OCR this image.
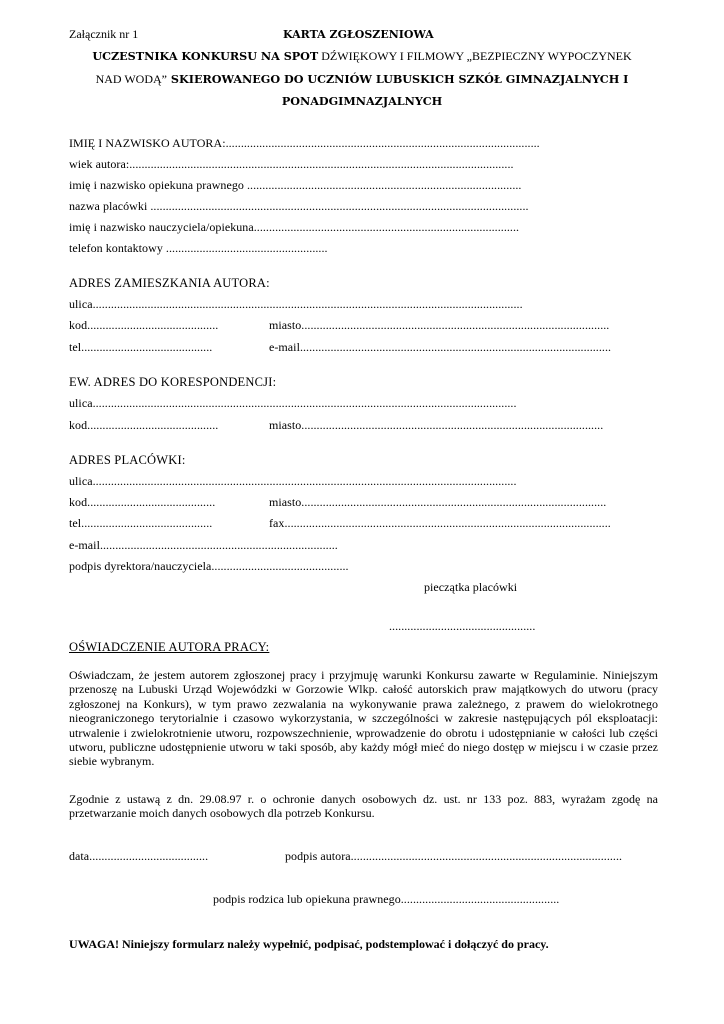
Załącznik nr 1	KARTA ZGŁOSZENIOWA
UCZESTNIKA KONKURSU NA SPOT DŹWIĘKOWY I FILMOWY „BEZPIECZNY WYPOCZYNEK
NAD WODĄ” SKIEROWANEGO DO UCZNIÓW LUBUSKICH SZKÓŁ GIMNAZJALNYCH I
PONADGIMNAZJALNYCH
IMIĘ I NAZWISKO AUTORA:.......................................................................................................
wiek autora:..............................................................................................................................
imię i nazwisko opiekuna prawnego ..........................................................................................
nazwa placówki ............................................................................................................................
imię i nazwisko nauczyciela/opiekuna.......................................................................................
telefon kontaktowy .....................................................
ADRES ZAMIESZKANIA AUTORA:
ulica.............................................................................................................................................
kod...........................................	miasto.....................................................................................................
tel...........................................	e-mail......................................................................................................
EW. ADRES DO KORESPONDENCJI:
ulica...........................................................................................................................................
kod...........................................	miasto...................................................................................................
ADRES PLACÓWKI:
ulica...........................................................................................................................................
kod..........................................	miasto....................................................................................................
tel...........................................	fax...........................................................................................................
e-mail..............................................................................
podpis dyrektora/nauczyciela.............................................
pieczątka placówki
................................................
OŚWIADCZENIE AUTORA PRACY:
Oświadczam, że jestem autorem zgłoszonej pracy i przyjmuję warunki Konkursu zawarte w Regulaminie. Niniejszym przenoszę na Lubuski Urząd Wojewódzki w Gorzowie Wlkp. całość autorskich praw majątkowych do utworu (pracy zgłoszonej na Konkurs), w tym prawo zezwalania na wykonywanie prawa zależnego, z prawem do wielokrotnego nieograniczonego terytorialnie i czasowo wykorzystania, w szczególności w zakresie następujących pól eksploatacji: utrwalenie i zwielokrotnienie utworu, rozpowszechnienie, wprowadzenie do obrotu i udostępnianie w całości lub części utworu, publiczne udostępnienie utworu w taki sposób, aby każdy mógł mieć do niego dostęp w miejscu i w czasie przez siebie wybranym.
Zgodnie z ustawą z dn. 29.08.97 r. o ochronie danych osobowych dz. ust. nr 133 poz. 883, wyrażam zgodę na przetwarzanie moich danych osobowych dla potrzeb Konkursu.
data.......................................	podpis autora.........................................................................................
podpis rodzica lub opiekuna prawnego....................................................
UWAGA! Niniejszy formularz należy wypełnić, podpisać, podstemplować i dołączyć do pracy.
